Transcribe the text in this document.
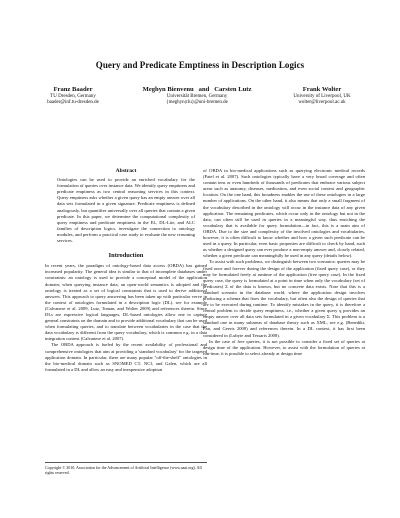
Query and Predicate Emptiness in Description Logics
Franz Baader
TU Dresden, Germany
baader@inf.tu-dresden.de
Meghyn Bienvenu   and   Carsten Lutz
Universität Bremen, Germany
{meghyn|clu}@uni-bremen.de
Frank Wolter
University of Liverpool, UK
wolter@liverpool.ac.uk
Abstract

Ontologies can be used to provide an enriched vocabulary for the formulation of queries over instance data. We identify query emptiness and predicate emptiness as two central reasoning services in this context. Query emptiness asks whether a given query has an empty answer over all data sets formulated in a given signature. Predicate emptiness is defined analogously, but quantifies universally over all queries that contain a given predicate. In this paper, we determine the computational complexity of query emptiness and predicate emptiness in the EL, DL-Lite, and ALC families of description logics, investigate the connection to ontology modules, and perform a practical case study to evaluate the new reasoning services.

Introduction

In recent years, the paradigm of ontology-based data access (OBDA) has gained increased popularity. The general idea is similar to that of incomplete databases under constraints: an ontology is used to provide a conceptual model of the application domain; when querying instance data, an open-world semantics is adopted and the ontology is treated as a set of logical constraints that is used to derive additional answers. This approach to query answering has been taken up with particular verve in the context of ontologies formulated in a description logic (DL), see for example (Calvanese et al. 2009, Lutz, Toman, and Wolter 2009) and references therein. Since DLs are expressive logical languages, DL-based ontologies allow one to capture general constraints on the domain and to provide additional vocabulary that can be used when formulating queries, and to translate between vocabularies in the case that the data vocabulary is different from the query vocabulary, which is common e.g. in a data integration context (Calvanese et al. 2007).

The OBDA approach is fueled by the recent availability of professional and comprehensive ontologies that aim at providing a 'standard vocabulary' for the targeted application domain. In particular, there are many popular "off-the-shelf" ontologies in the bio-medical domain such as SNOMED CT, NCI, and Galen, which are all formulated in a DL and allow an easy and inexpensive adoption

of OBDA in bio-medical applications such as querying electronic medical records (Patel et al. 2007). Such ontologies typically have a very broad coverage and often contain tens or even hundreds of thousands of predicates that embrace various subject areas such as anatomy, diseases, medication, and even social context and geographic location. On the one hand, this broadness enables the use of these ontologies in a large number of applications. On the other hand, it also means that only a small fragment of the vocabulary described in the ontology will occur in the instance data of any given application. The remaining predicates, which occur only in the ontology but not in the data, can often still be used in queries in a meaningful way, thus enriching the vocabulary that is available for query formulation—in fact, this is a main aim of OBDA. Due to the size and complexity of the involved ontologies and vocabularies, however, it is often difficult to know whether and how a given such predicate can be used in a query. In particular, even basic properties are difficult to check by hand, such as whether a designed query can ever produce a non-empty answer and, closely related, whether a given predicate can meaningfully be used in any query (details below).

To assist with such problems, we distinguish between two scenarios: queries may be fixed once and forever during the design of the application (fixed query case), or they may be formulated freely at runtime of the application (free query case). In the fixed query case, the query is formulated at a point in time when only the vocabulary (set of predicates) Σ of the data is known, but no concrete data exists. Note that this is a standard scenario in the database world, where the application design involves producing a schema that fixes the vocabulary, but often also the design of queries that are to be executed during runtime. To identify mistakes in the query, it is therefore a central problem to decide query emptiness, i.e., whether a given query q provides an empty answer over all data sets formulated in a given vocabulary Σ. This problem is a standard one in many subareas of database theory such as XML, see e.g. (Benedikt, Fan, and Geerts 2008) and references therein. In a DL context, it has first been considered in (Lubyte and Tessaris 2008).

In the case of free queries, it is not possible to consider a fixed set of queries at design time of the application. However, to assist with the formulation of queries at run-time, it is possible to select already at design time

Copyright © 2010, Association for the Advancement of Artificial Intelligence (www.aaai.org). All rights reserved.
